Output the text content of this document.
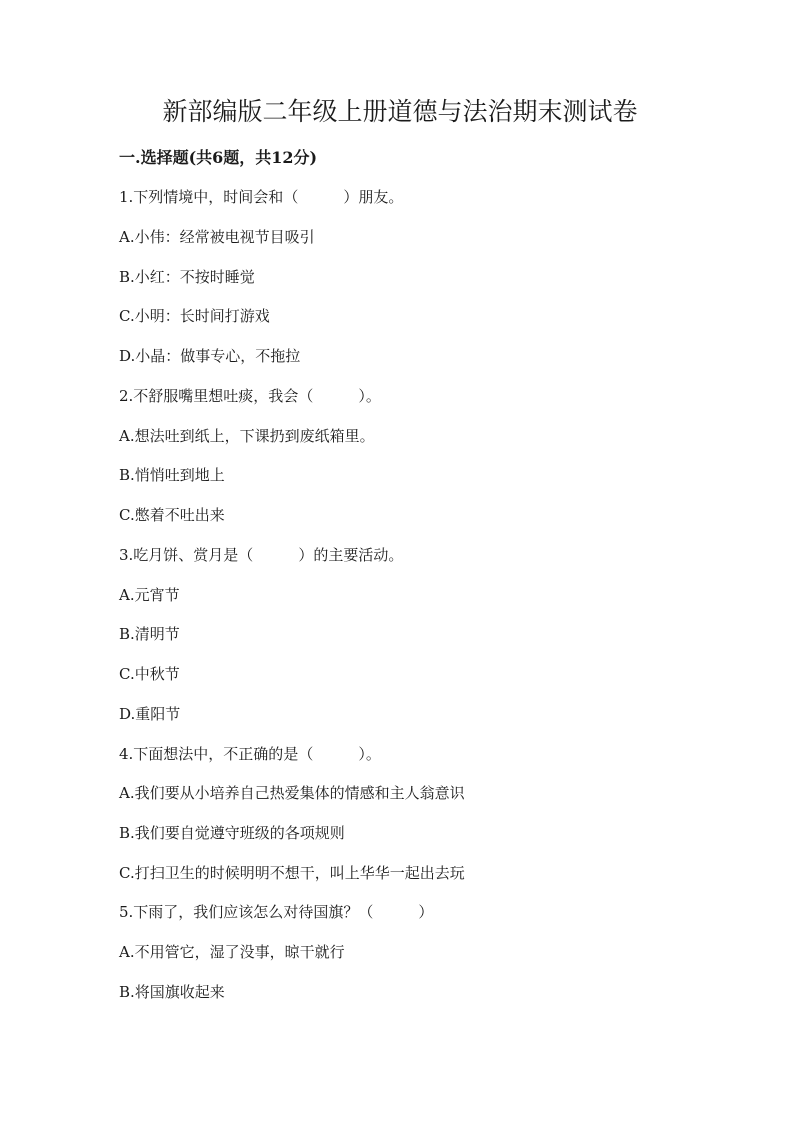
新部编版二年级上册道德与法治期末测试卷
一.选择题(共6题，共12分)

1.下列情境中，时间会和（　　　）朋友。

A.小伟：经常被电视节目吸引

B.小红：不按时睡觉

C.小明：长时间打游戏

D.小晶：做事专心，不拖拉

2.不舒服嘴里想吐痰，我会（　　　）。

A.想法吐到纸上，下课扔到废纸箱里。

B.悄悄吐到地上

C.憋着不吐出来

3.吃月饼、赏月是（　　　）的主要活动。

A.元宵节

B.清明节

C.中秋节

D.重阳节

4.下面想法中，不正确的是（　　　）。

A.我们要从小培养自己热爱集体的情感和主人翁意识

B.我们要自觉遵守班级的各项规则

C.打扫卫生的时候明明不想干，叫上华华一起出去玩

5.下雨了，我们应该怎么对待国旗？（　　　）

A.不用管它，湿了没事，晾干就行

B.将国旗收起来
